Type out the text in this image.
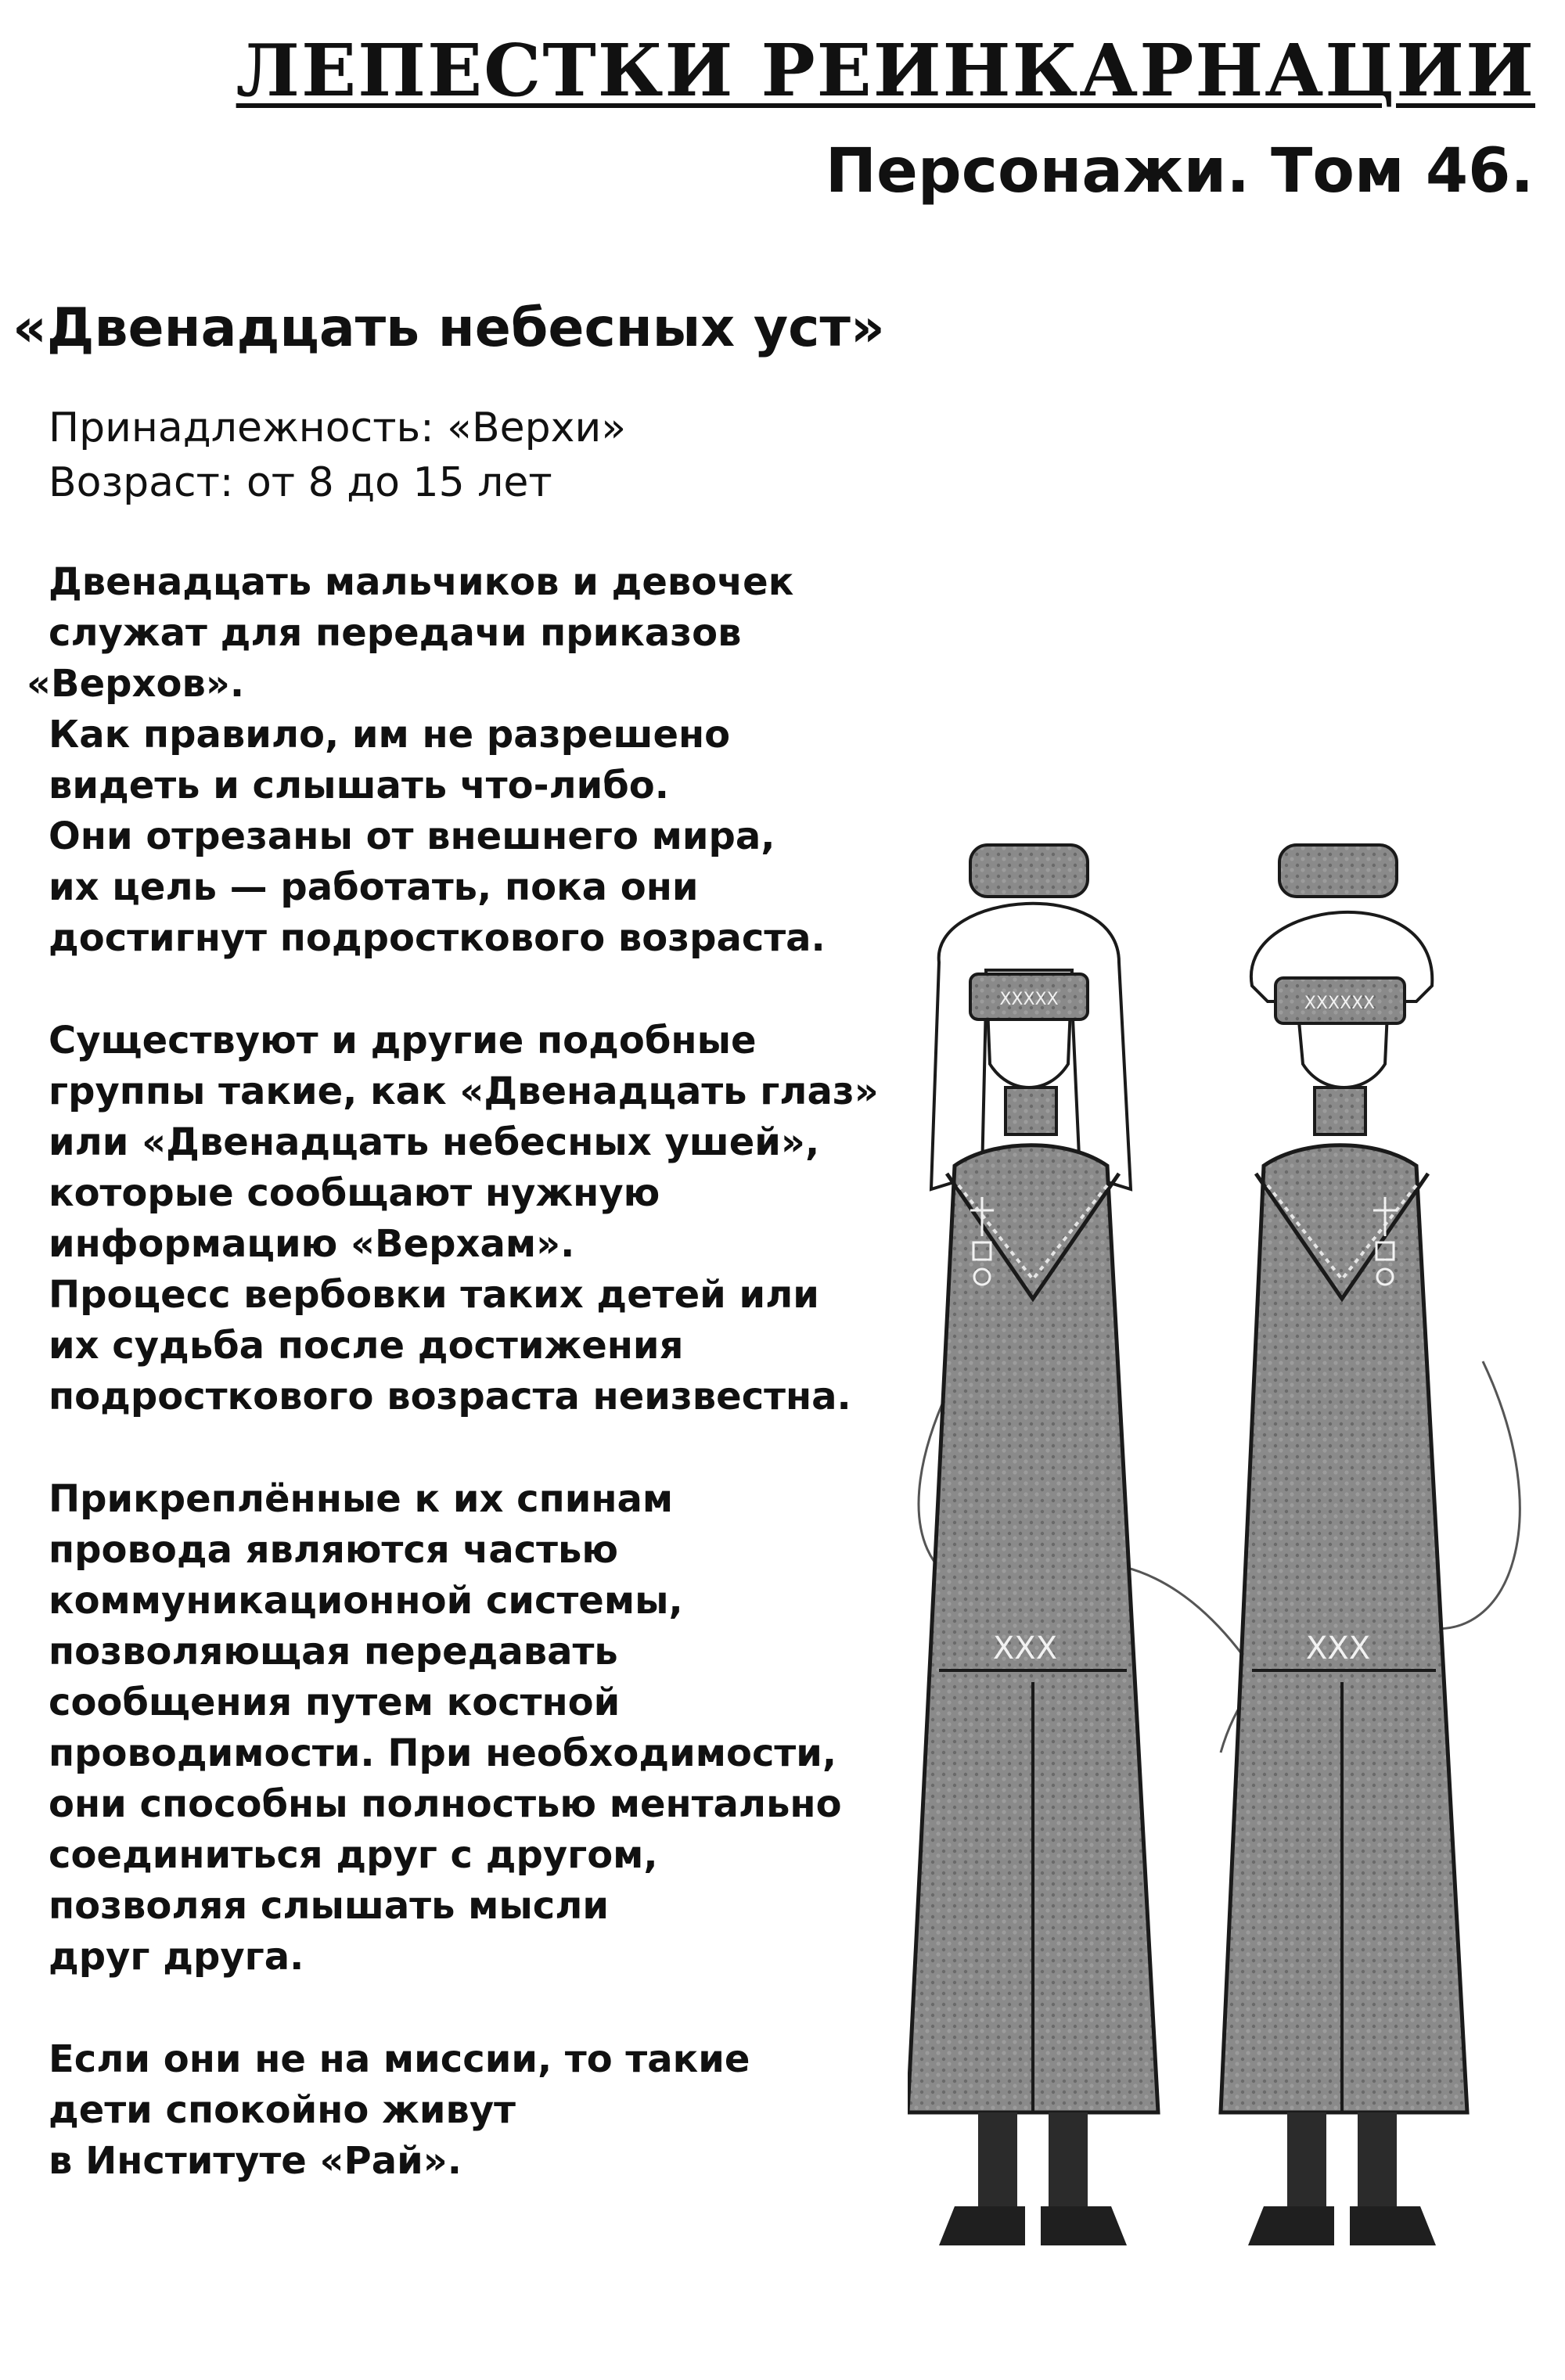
ЛЕПЕСТКИ РЕИНКАРНАЦИИ
Персонажи. Том 46.
«Двенадцать небесных уст»
Принадлежность: «Верхи»
Возраст: от 8 до 15 лет

Двенадцать мальчиков и девочек
служат для передачи приказов
«Верхов».
Как правило, им не разрешено
видеть и слышать что-либо.
Они отрезаны от внешнего мира,
их цель — работать, пока они
достигнут подросткового возраста.

Существуют и другие подобные
группы такие, как «Двенадцать глаз»
или «Двенадцать небесных ушей»,
которые сообщают нужную
информацию «Верхам».
Процесс вербовки таких детей или
их судьба после достижения
подросткового возраста неизвестна.

Прикреплённые к их спинам
провода являются частью
коммуникационной системы,
позволяющая передавать
сообщения путем костной
проводимости. При необходимости,
они способны полностью ментально
соединиться друг с другом,
позволяя слышать мысли
друг друга.

Если они не на миссии, то такие
дети спокойно живут
в Институте «Рай».

XXXXX
XXX
XXXXXX
XXX
